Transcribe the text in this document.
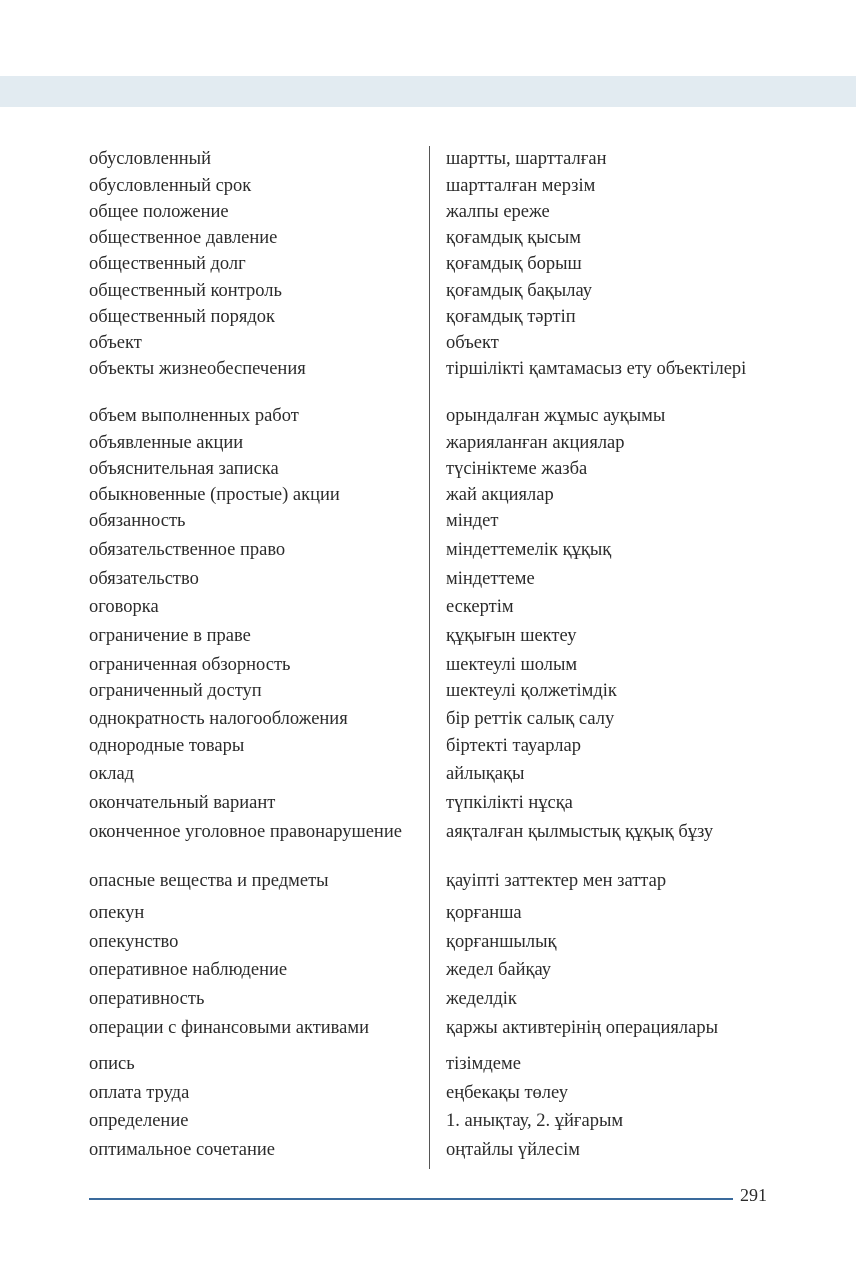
обусловленный	шартты, шартталған
обусловленный срок	шартталған мерзім
общее положение	жалпы ереже
общественное давление	қоғамдық қысым
общественный долг	қоғамдық борыш
общественный контроль	қоғамдық бақылау
общественный порядок	қоғамдық тәртіп
объект	объект
объекты жизнеобеспечения	тіршілікті қамтамасыз ету объектілері
объем выполненных работ	орындалған жұмыс ауқымы
объявленные акции	жарияланған акциялар
объяснительная записка	түсініктеме жазба
обыкновенные (простые) акции	жай акциялар
обязанность	міндет
обязательственное право	міндеттемелік құқық
обязательство	міндеттеме
оговорка	ескертім
ограничение в праве	құқығын шектеу
ограниченная обзорность	шектеулі шолым
ограниченный доступ	шектеулі қолжетімдік
однократность налогообложения	бір реттік салық салу
однородные товары	біртекті тауарлар
оклад	айлықақы
окончательный вариант	түпкілікті нұсқа
оконченное уголовное правонарушение	аяқталған қылмыстық құқық бұзу
опасные вещества и предметы	қауіпті заттектер мен заттар
опекун	қорғанша
опекунство	қорғаншылық
оперативное наблюдение	жедел байқау
оперативность	жеделдік
операции с финансовыми активами	қаржы активтерінің операциялары
опись	тізімдеме
оплата труда	еңбекақы төлеу
определение	1. анықтау, 2. ұйғарым
оптимальное сочетание	оңтайлы үйлесім
291
